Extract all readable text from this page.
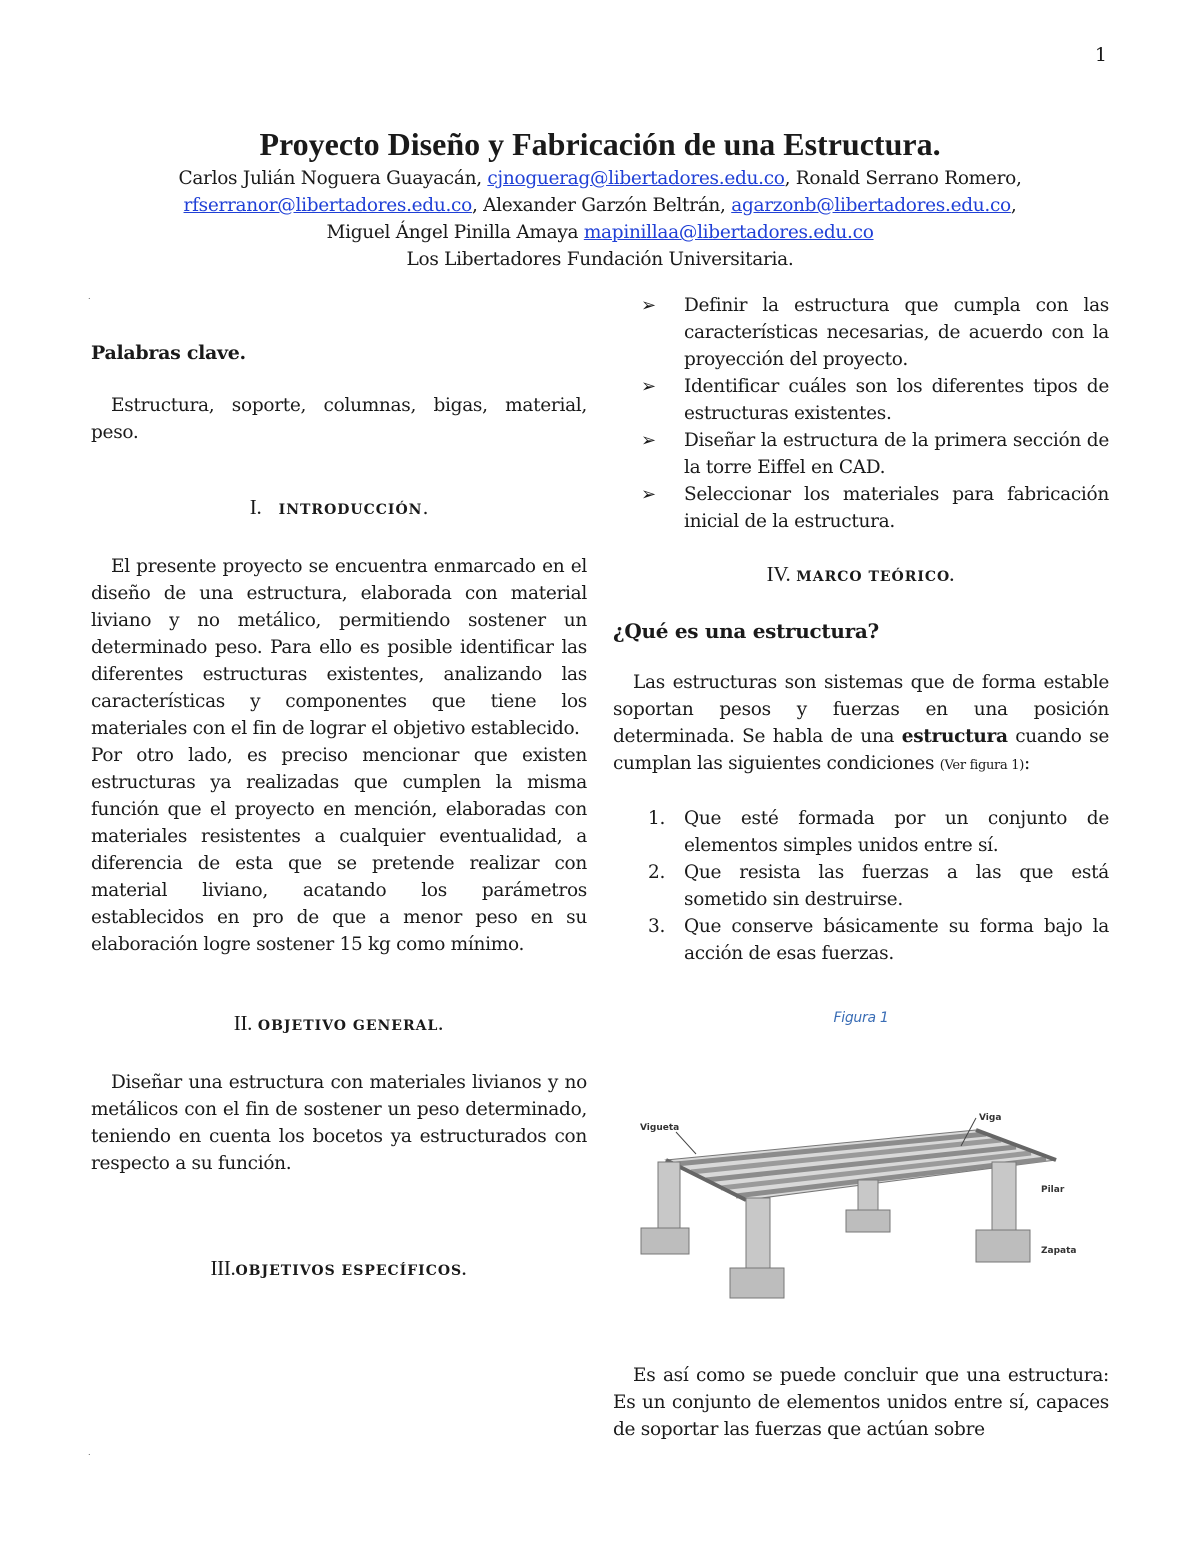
1
Proyecto Diseño y Fabricación de una Estructura.
Carlos Julián Noguera Guayacán, cjnoguerag@libertadores.edu.co, Ronald Serrano Romero,
rfserranor@libertadores.edu.co, Alexander Garzón Beltrán, agarzonb@libertadores.edu.co,
Miguel Ángel Pinilla Amaya mapinillaa@libertadores.edu.co
Los Libertadores Fundación Universitaria.
.
.

Palabras clave.

Estructura, soporte, columnas, bigas, material, peso.

I. INTRODUCCIÓN.

El presente proyecto se encuentra enmarcado en el diseño de una estructura, elaborada con material liviano y no metálico, permitiendo sostener un determinado peso. Para ello es posible identificar las diferentes estructuras existentes, analizando las características y componentes que tiene los materiales con el fin de lograr el objetivo establecido.

Por otro lado, es preciso mencionar que existen estructuras ya realizadas que cumplen la misma función que el proyecto en mención, elaboradas con materiales resistentes a cualquier eventualidad, a diferencia de esta que se pretende realizar con material liviano, acatando los parámetros establecidos en pro de que a menor peso en su elaboración logre sostener 15 kg como mínimo.

II. OBJETIVO GENERAL.

Diseñar una estructura con materiales livianos y no metálicos con el fin de sostener un peso determinado, teniendo en cuenta los bocetos ya estructurados con respecto a su función.

III.OBJETIVOS ESPECÍFICOS.

➢ Definir la estructura que cumpla con las características necesarias, de acuerdo con la proyección del proyecto.
➢ Identificar cuáles son los diferentes tipos de estructuras existentes.
➢ Diseñar la estructura de la primera sección de la torre Eiffel en CAD.
➢ Seleccionar los materiales para fabricación inicial de la estructura.

IV. MARCO TEÓRICO.

¿Qué es una estructura?

Las estructuras son sistemas que de forma estable soportan pesos y fuerzas en una posición determinada. Se habla de una estructura cuando se cumplan las siguientes condiciones (Ver figura 1):

1. Que esté formada por un conjunto de elementos simples unidos entre sí.
2. Que resista las fuerzas a las que está sometido sin destruirse.
3. Que conserve básicamente su forma bajo la acción de esas fuerzas.

Figura 1

Vigueta
Viga
Pilar
Zapata

Es así como se puede concluir que una estructura: Es un conjunto de elementos unidos entre sí, capaces de soportar las fuerzas que actúan sobre
